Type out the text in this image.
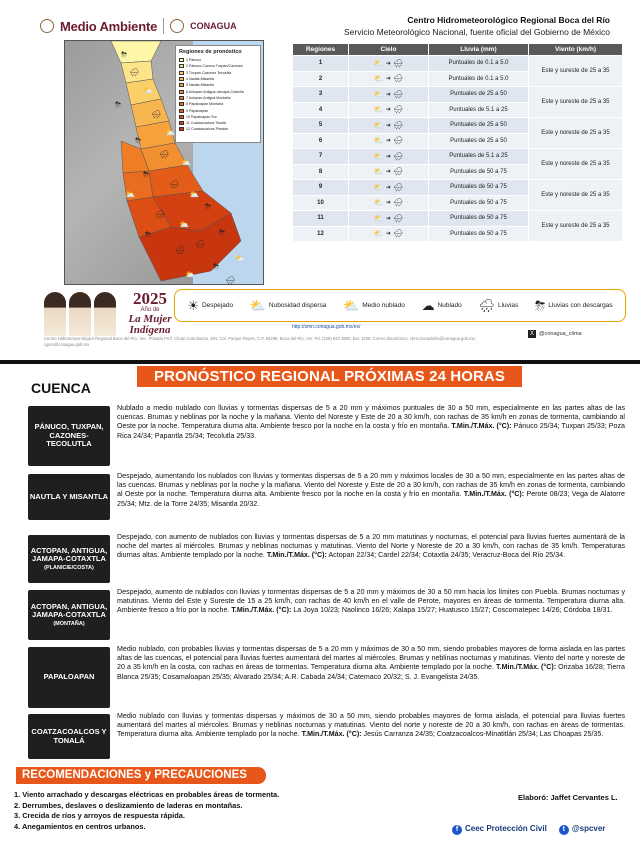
Medio Ambiente	CONAGUA
Centro Hidrometeorológico Regional Boca del Río
Servicio Meteorológico Nacional, fuente oficial del Gobierno de México
Regiones de pronóstico
1 Pánuco
2 Pánuco-Cuenca Tuxpan/Cazones
3 Tuxpan-Cazones Tecolutla
4 Nautla-Misantla
5 Nautla-Misantla
6 Actopan-Antigua-Jamapa-Cotaxtla
7 Actopan-Antigua Montaña
8 Papaloapan Montaña
9 Papaloapan
10 Papaloapan Sur
11 Coatzacoalcos Tonalá
12 Coatzacoalcos Planicie
⛈
🌧
⛅
⛈
🌧
⛅
⛈
🌧
⛅
⛈
🌧
⛅
⛈
🌧
⛅
⛈
🌧
⛅
⛈
🌧
⛅
⛈
🌧
⛅
Regiones	Cielo	Lluvia (mm)	Viento (km/h)
1	⛅ ➜ 🌧	Puntuales de 0.1 a 5.0	Este y sureste de 25 a 35
2	⛅ ➜ 🌧	Puntuales de 0.1 a 5.0	
3	⛅ ➜ 🌧	Puntuales de 25 a 50	Este y sureste de 25 a 35
4	⛅ ➜ 🌧	Puntuales de 5.1 a 25	
5	⛅ ➜ 🌧	Puntuales de 25 a 50	Este y noreste de 25 a 35
6	⛅ ➜ 🌧	Puntuales de 25 a 50	
7	⛅ ➜ 🌧	Puntuales de 5.1 a 25	Este y noreste de 25 a 35
8	⛅ ➜ 🌧	Puntuales de 50 a 75	
9	⛅ ➜ 🌧	Puntuales de 50 a 75	Este y noreste de 25 a 35
10	⛅ ➜ 🌧	Puntuales de 50 a 75	
11	⛅ ➜ 🌧	Puntuales de 50 a 75	Este y sureste de 25 a 35
12	⛅ ➜ 🌧	Puntuales de 50 a 75	
2025
Año de
La Mujer
Indígena
☀ Despejado ⛅ Nubosidad dispersa ⛅ Medio nublado ☁ Nublado 🌧 Lluvias ⛈ Lluvias con descargas
http://smn.conagua.gob.mx/es/
X @conagua_clima
Centro Hidrometeorológico Regional Boca del Río, Ver., Privada Prof. Chupi Coto Bazos, S/N, Col. Parque Reyes, C.P. 94298, Boca del Río, Ver. Tel. (229) 922 3900, Ext. 1208. Correo Electrónico: chrm.bocadelrio@conagua.gob.mx; cgsm@conagua.gob.mx
PRONÓSTICO REGIONAL PRÓXIMAS 24 HORAS
CUENCA
PÁNUCO, TUXPAN, CAZONES-TECOLUTLA
Nublado a medio nublado con lluvias y tormentas dispersas de 5 a 20 mm y máximos puntuales de 30 a 50 mm, especialmente en las partes altas de las cuencas. Brumas y neblinas por la noche y la mañana. Viento del Noreste y Este de 20 a 30 km/h, con rachas de 35 km/h en zonas de tormenta, cambiando al Oeste por la noche. Temperatura diurna alta. Ambiente fresco por la noche en la costa y frío en montaña. T.Min./T.Máx. (°C): Pánuco 25/34; Tuxpan 25/33; Poza Rica 24/34; Papantla 25/34; Tecolutla 25/33.
NAUTLA Y MISANTLA
Despejado, aumentando los nublados con lluvias y tormentas dispersas de 5 a 20 mm y máximos locales de 30 a 50 mm, especialmente en las partes altas de las cuencas. Brumas y neblinas por la noche y la mañana. Viento del Noreste y Este de 20 a 30 km/h, con rachas de 35 km/h en zonas de tormenta, cambiando al Oeste por la noche. Temperatura diurna alta. Ambiente fresco por la noche en la costa y frío en montaña. T.Min./T.Máx. (°C): Perote 08/23; Vega de Alatorre 25/34; Mtz. de la Torre 24/35; Misantla 20/32.
ACTOPAN, ANTIGUA, JAMAPA-COTAXTLA
(PLANICIE/COSTA)
Despejado, con aumento de nublados con lluvias y tormentas dispersas de 5 a 20 mm matutinas y nocturnas, el potencial para lluvias fuertes aumentará de la noche del martes al miércoles. Brumas y neblinas nocturnas y matutinas. Viento del Norte y Noreste de 20 a 30 km/h, con rachas de 35 km/h. Temperaturas diurnas altas. Ambiente templado por la noche. T.Min./T.Máx. (°C): Actopan 22/34; Cardel 22/34; Cotaxtla 24/35; Veracruz-Boca del Río 25/34.
ACTOPAN, ANTIGUA, JAMAPA-COTAXTLA
(MONTAÑA)
Despejado, aumento de nublados con lluvias y tormentas dispersas de 5 a 20 mm y máximos de 30 a 50 mm hacia los límites con Puebla. Brumas nocturnas y matutinas. Viento del Este y Sureste de 15 a 25 km/h, con rachas de 40 km/h en el valle de Perote, mayores en áreas de tormenta. Temperatura diurna alta. Ambiente fresco a frío por la noche. T.Min./T.Máx. (°C): La Joya 10/23; Naolinco 16/26; Xalapa 15/27; Huatusco 15/27; Coscomatepec 14/26; Córdoba 18/31.
PAPALOAPAN
Medio nublado, con probables lluvias y tormentas dispersas de 5 a 20 mm y máximos de 30 a 50 mm, siendo probables mayores de forma aislada en las partes altas de las cuencas, el potencial para lluvias fuertes aumentará del martes al miércoles. Brumas y neblinas nocturnas y matutinas. Viento del norte y noreste de 20 a 35 km/h en la costa, con rachas en áreas de tormentas. Temperatura diurna alta. Ambiente templado por la noche. T.Min./T.Máx. (°C): Orizaba 16/28; Tierra Blanca 25/35; Cosamaloapan 25/35; Alvarado 25/34; A.R. Cabada 24/34; Catemaco 20/32; S. J. Evangelista 24/35.
COATZACOALCOS Y TONALÁ
Medio nublado con lluvias y tormentas dispersas y máximos de 30 a 50 mm, siendo probables mayores de forma aislada, el potencial para lluvias fuertes aumentará del martes al miércoles. Brumas y neblinas nocturnas y matutinas. Viento del norte y noreste de 20 a 30 km/h, con rachas en áreas de tormentas. Temperatura diurna alta. Ambiente templado por la noche. T.Min./T.Máx. (°C): Jesús Carranza 24/35; Coatzacoalcos-Minatitlán 25/34; Las Choapas 25/35.
RECOMENDACIONES y PRECAUCIONES
1. Viento arrachado y descargas eléctricas en probables áreas de tormenta.
2. Derrumbes, deslaves o deslizamiento de laderas en montañas.
3. Crecida de ríos y arroyos de respuesta rápida.
4. Anegamientos en centros urbanos.
Elaboró: Jaffet Cervantes L.
f Ceec Protección Civil	t @spcver
